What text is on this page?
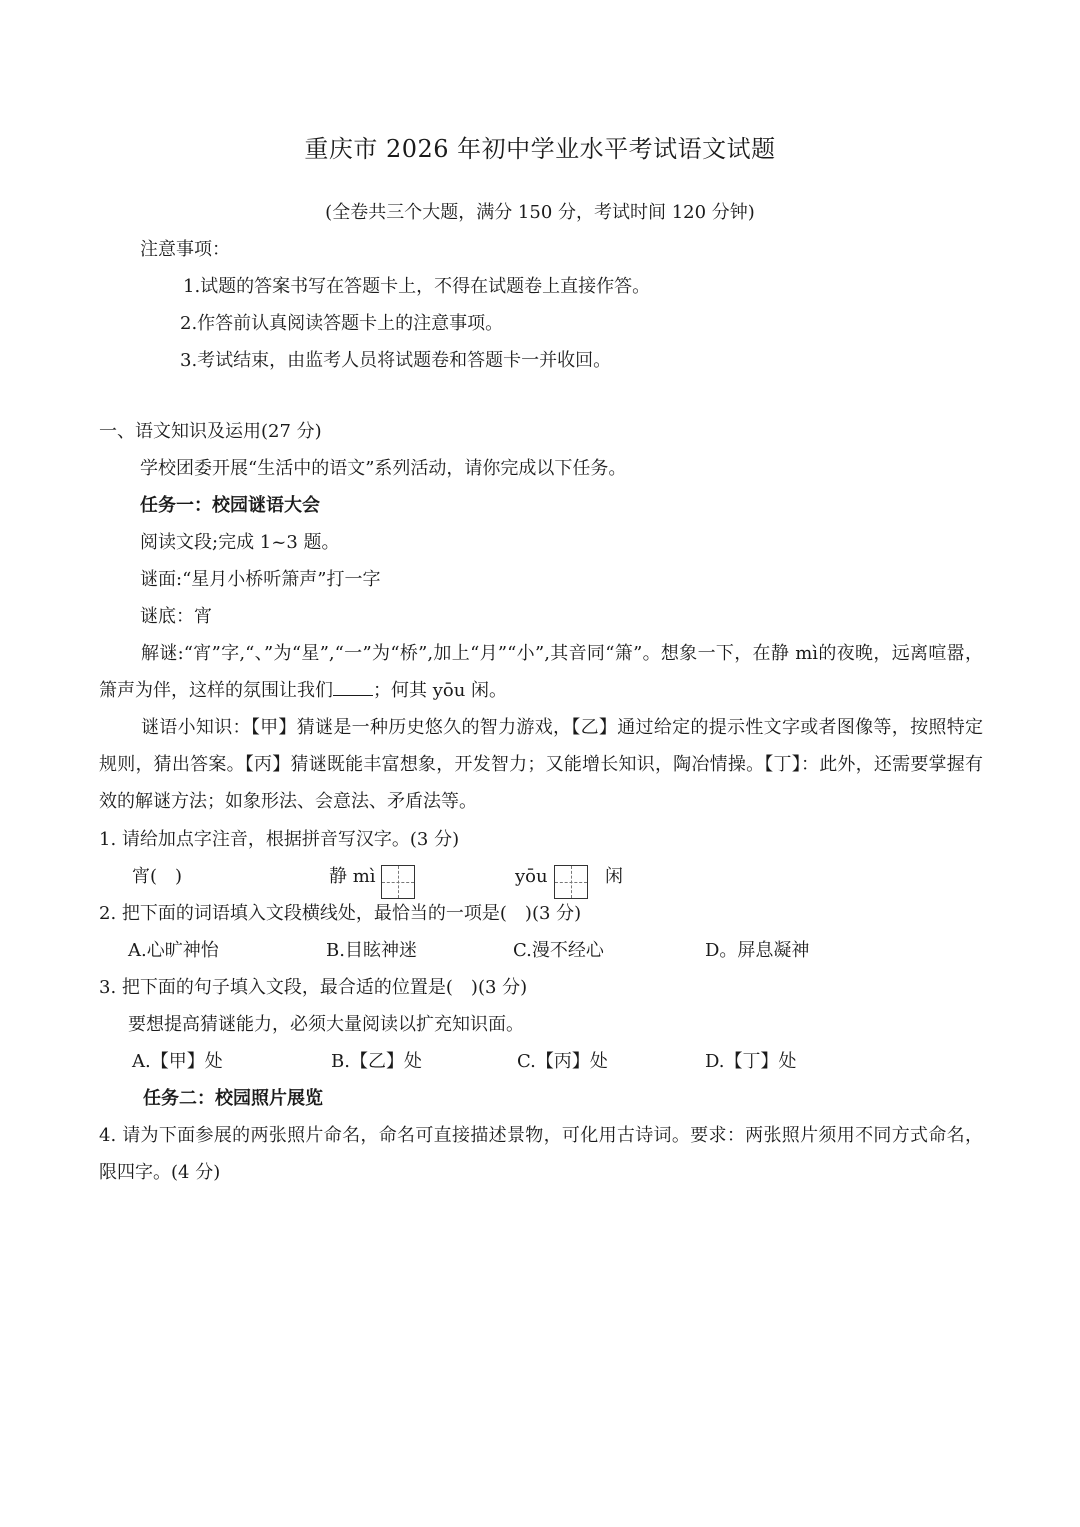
重庆市 2026 年初中学业水平考试语文试题
(全卷共三个大题，满分 150 分，考试时间 120 分钟)
注意事项：
1.试题的答案书写在答题卡上，不得在试题卷上直接作答。
2.作答前认真阅读答题卡上的注意事项。
3.考试结束，由监考人员将试题卷和答题卡一并收回。
一、语文知识及运用(27 分)
学校团委开展“生活中的语文”系列活动，请你完成以下任务。
任务一：校园谜语大会
阅读文段;完成 1~3 题。
谜面:“星月小桥听箫声”打一字
谜底：宵
解谜:“宵”字,“、”为“星”,“一”为“桥”,加上“月”“小”,其音同“箫”。想象一下，在静 mì的夜晚，远离喧嚣，箫声为伴，这样的氛围让我们 ；何其 yōu 闲。
谜语小知识：【甲】猜谜是一种历史悠久的智力游戏，【乙】通过给定的提示性文字或者图像等，按照特定规则，猜出答案。【丙】猜谜既能丰富想象，开发智力；又能增长知识，陶冶情操。【丁】：此外，还需要掌握有效的解谜方法；如象形法、会意法、矛盾法等。
1. 请给加点字注音，根据拼音写汉字。(3 分)
宵(  )	静 mì	yōu	闲
2. 把下面的词语填入文段横线处，最恰当的一项是( )(3 分)
A.心旷神怡	B.目眩神迷	C.漫不经心	D。屏息凝神
3. 把下面的句子填入文段，最合适的位置是( )(3 分)
要想提高猜谜能力，必须大量阅读以扩充知识面。
A.【甲】处	B.【乙】处	C.【丙】处	D.【丁】处
任务二：校园照片展览
4. 请为下面参展的两张照片命名，命名可直接描述景物，可化用古诗词。要求：两张照片须用不同方式命名，限四字。(4 分)
